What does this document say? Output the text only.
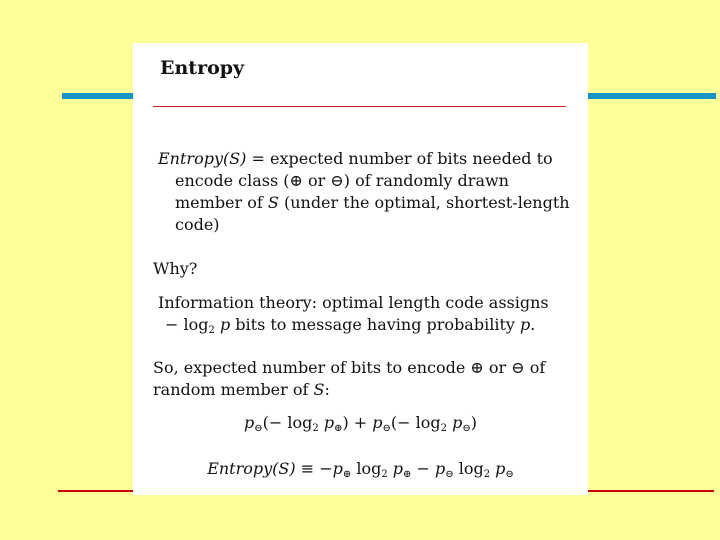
Entropy

Entropy(S) = expected number of bits needed to

encode class (⊕ or ⊖) of randomly drawn

member of S (under the optimal, shortest-length

code)

Why?

Information theory: optimal length code assigns

− $\log_2 p$ bits to message having probability p.

So, expected number of bits to encode ⊕ or ⊖ of

random member of S:

$p_⊖(- \log_2 p_\oplus) + p_⊖(- \log_2 p_⊖)$

Entropy(S) ≡ $-p_\oplus$ $\log_2 p_\oplus - p_⊖$ $\log_2 p_⊖$
